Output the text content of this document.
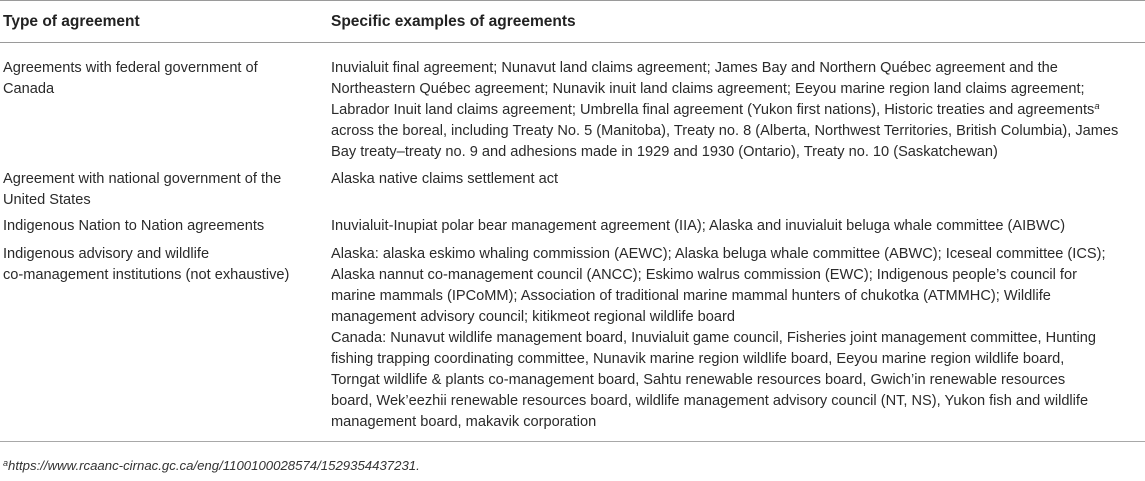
Type of agreement	Specific examples of agreements
Agreements with federal government of
Canada
Inuvialuit final agreement; Nunavut land claims agreement; James Bay and Northern Québec agreement and the
Northeastern Québec agreement; Nunavik inuit land claims agreement; Eeyou marine region land claims agreement;
Labrador Inuit land claims agreement; Umbrella final agreement (Yukon first nations), Historic treaties and agreements$^a$
across the boreal, including Treaty No. 5 (Manitoba), Treaty no. 8 (Alberta, Northwest Territories, British Columbia), James
Bay treaty–treaty no. 9 and adhesions made in 1929 and 1930 (Ontario), Treaty no. 10 (Saskatchewan)
Agreement with national government of the
United States
Alaska native claims settlement act
Indigenous Nation to Nation agreements	Inuvialuit-Inupiat polar bear management agreement (IIA); Alaska and inuvialuit beluga whale committee (AIBWC)
Indigenous advisory and wildlife
co-management institutions (not exhaustive)
Alaska: alaska eskimo whaling commission (AEWC); Alaska beluga whale committee (ABWC); Iceseal committee (ICS);
Alaska nannut co-management council (ANCC); Eskimo walrus commission (EWC); Indigenous people’s council for
marine mammals (IPCoMM); Association of traditional marine mammal hunters of chukotka (ATMMHC); Wildlife
management advisory council; kitikmeot regional wildlife board
Canada: Nunavut wildlife management board, Inuvialuit game council, Fisheries joint management committee, Hunting
fishing trapping coordinating committee, Nunavik marine region wildlife board, Eeyou marine region wildlife board,
Torngat wildlife & plants co-management board, Sahtu renewable resources board, Gwich’in renewable resources
board, Wek’eezhii renewable resources board, wildlife management advisory council (NT, NS), Yukon fish and wildlife
management board, makavik corporation
$^a$https://www.rcaanc-cirnac.gc.ca/eng/1100100028574/1529354437231.
